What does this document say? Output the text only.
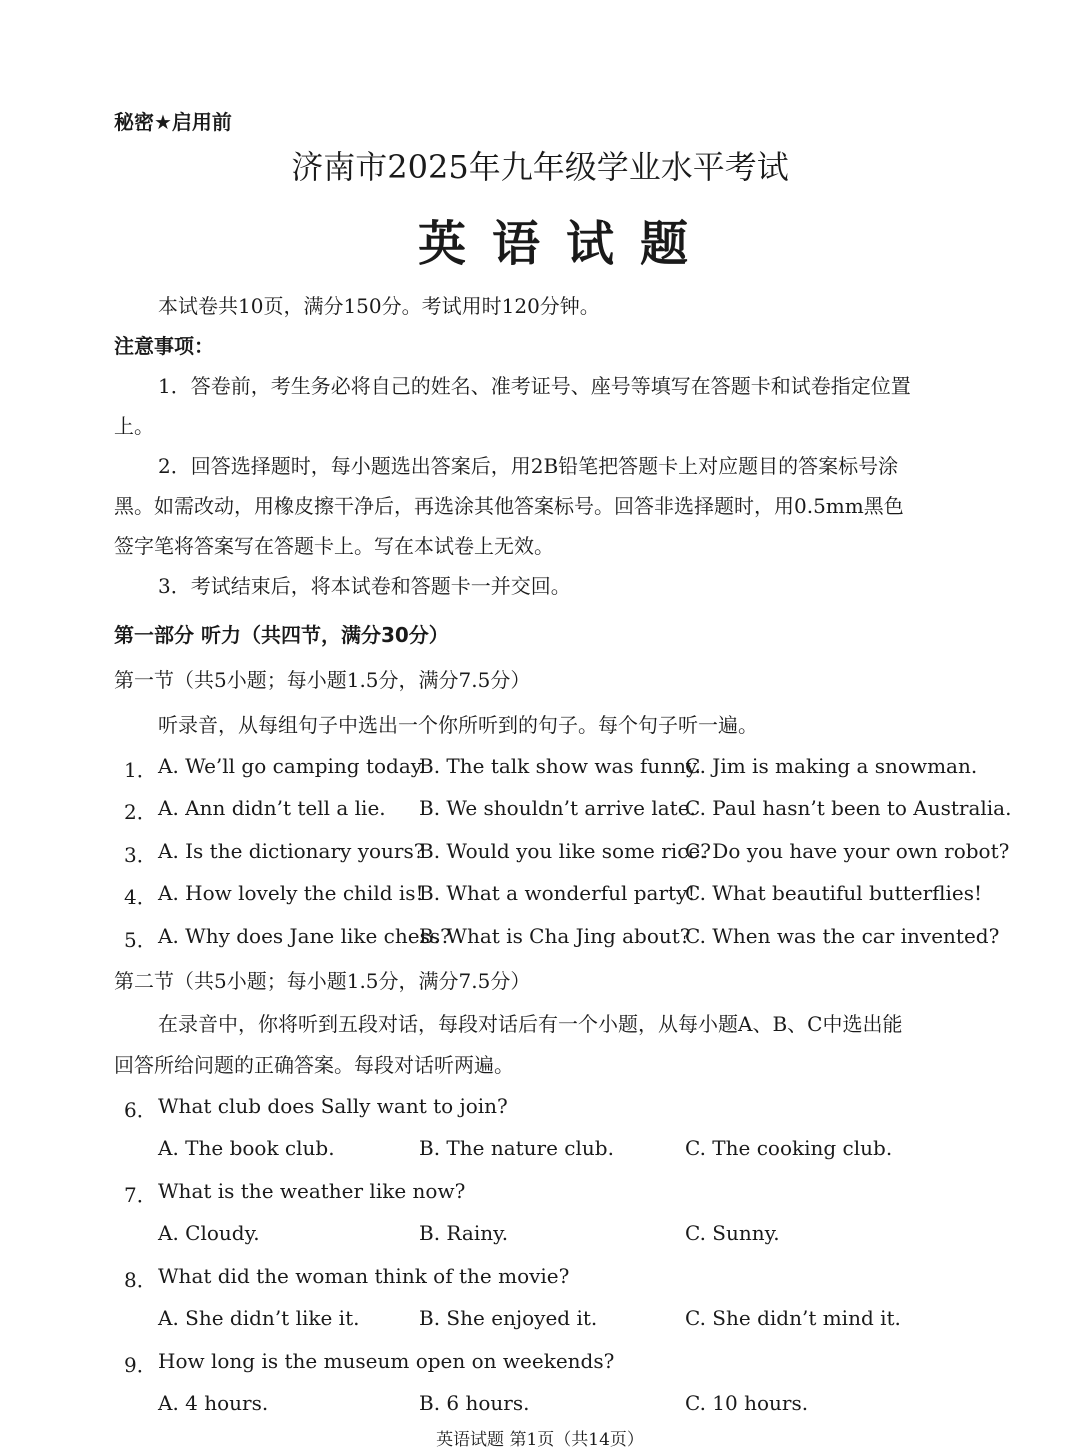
秘密★启用前
济南市2025年九年级学业水平考试
英语试题
本试卷共10页，满分150分。考试用时120分钟。
注意事项：
1．答卷前，考生务必将自己的姓名、准考证号、座号等填写在答题卡和试卷指定位置
上。
2．回答选择题时，每小题选出答案后，用2B铅笔把答题卡上对应题目的答案标号涂
黑。如需改动，用橡皮擦干净后，再选涂其他答案标号。回答非选择题时，用0.5mm黑色
签字笔将答案写在答题卡上。写在本试卷上无效。
3．考试结束后，将本试卷和答题卡一并交回。
第一部分 听力（共四节，满分30分）
第一节（共5小题；每小题1.5分，满分7.5分）
听录音，从每组句子中选出一个你所听到的句子。每个句子听一遍。
1． A. We’ll go camping today.
B. The talk show was funny.
C. Jim is making a snowman.
2． A. Ann didn’t tell a lie. B. We shouldn’t arrive late.
C. Paul hasn’t been to Australia.
3． A. Is the dictionary yours?
B. Would you like some rice?
C. Do you have your own robot?
4． A. How lovely the child is!
B. What a wonderful party!
C. What beautiful butterflies!
5． A. Why does Jane like chess?
B. What is Cha Jing about?
C. When was the car invented?
第二节（共5小题；每小题1.5分，满分7.5分）
在录音中，你将听到五段对话，每段对话后有一个小题，从每小题A、B、C中选出能
回答所给问题的正确答案。每段对话听两遍。
6． What club does Sally want to join?
A. The book club.	B. The nature club.	C. The cooking club.
7． What is the weather like now?
A. Cloudy.	B. Rainy.	C. Sunny.
8． What did the woman think of the movie?
A. She didn’t like it.	B. She enjoyed it.	C. She didn’t mind it.
9． How long is the museum open on weekends?
A. 4 hours.	B. 6 hours.	C. 10 hours.
英语试题 第1页（共14页）
